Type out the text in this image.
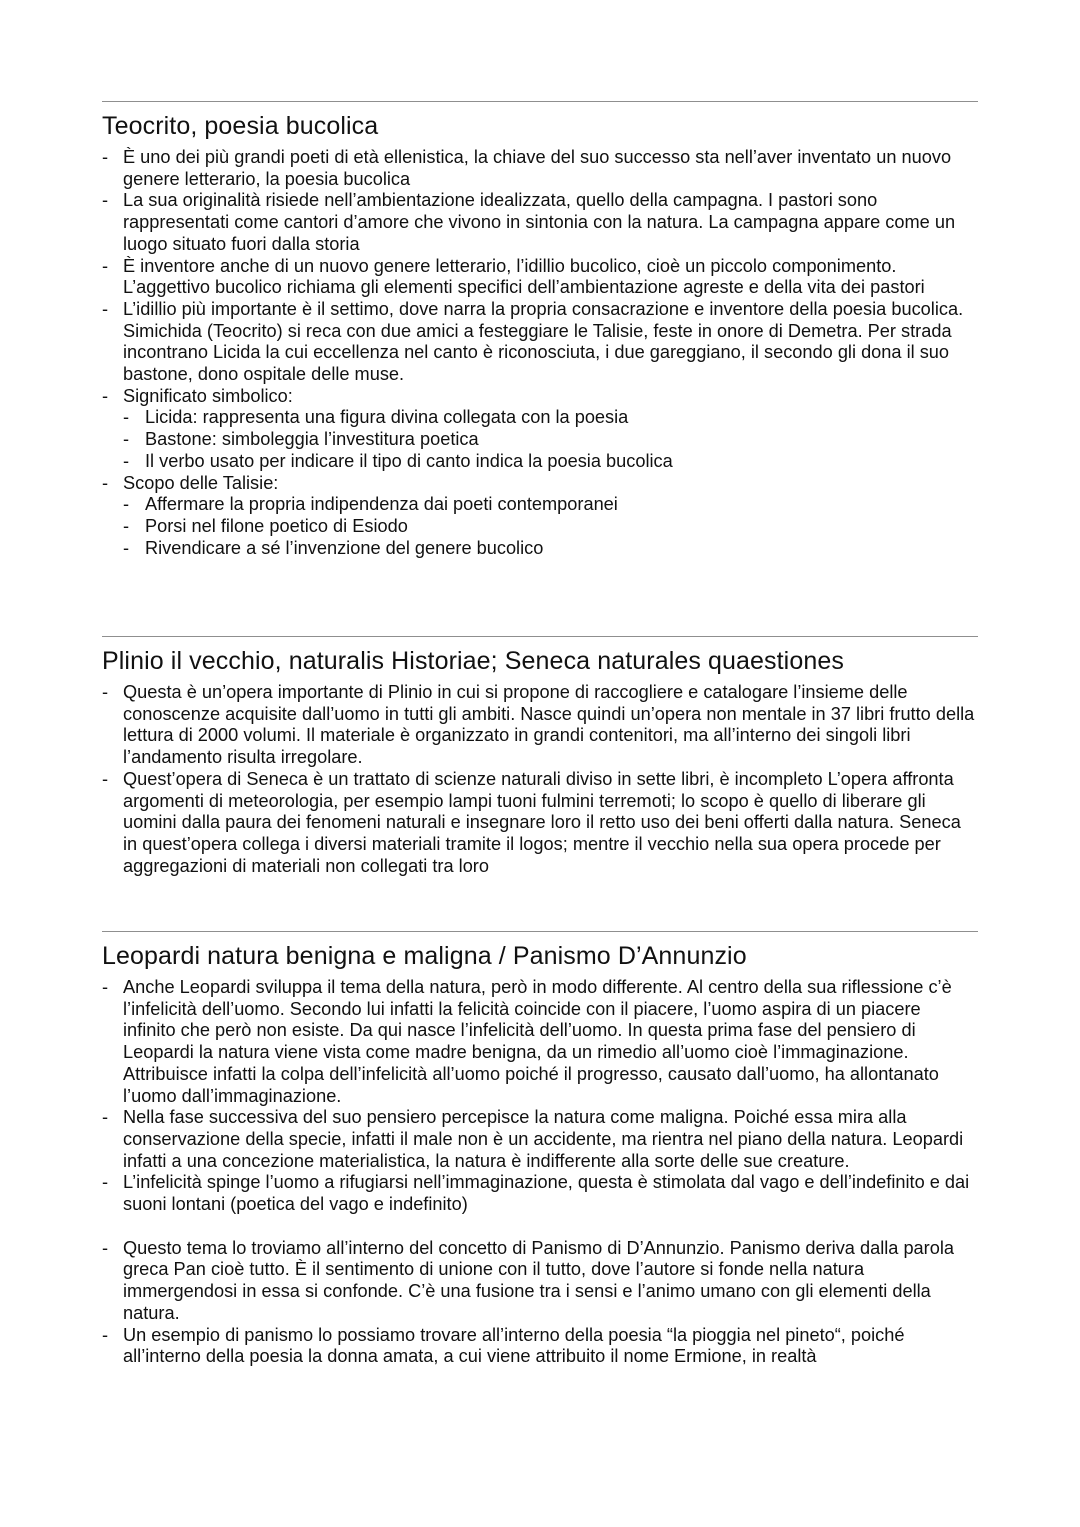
Teocrito, poesia bucolica
- È uno dei più grandi poeti di età ellenistica, la chiave del suo successo sta nell’aver inventato un nuovo genere letterario, la poesia bucolica
- La sua originalità risiede nell’ambientazione idealizzata, quello della campagna. I pastori sono rappresentati come cantori d’amore che vivono in sintonia con la natura. La campagna appare come un luogo situato fuori dalla storia
- È inventore anche di un nuovo genere letterario, l’idillio bucolico, cioè un piccolo componimento. L’aggettivo bucolico richiama gli elementi specifici dell’ambientazione agreste e della vita dei pastori
- L’idillio più importante è il settimo, dove narra la propria consacrazione e inventore della poesia bucolica. Simichida (Teocrito) si reca con due amici a festeggiare le Talisie, feste in onore di Demetra. Per strada incontrano Licida la cui eccellenza nel canto è riconosciuta, i due gareggiano, il secondo gli dona il suo bastone, dono ospitale delle muse.
- Significato simbolico:
- Licida: rappresenta una figura divina collegata con la poesia
- Bastone: simboleggia l’investitura poetica
- Il verbo usato per indicare il tipo di canto indica la poesia bucolica
- Scopo delle Talisie:
- Affermare la propria indipendenza dai poeti contemporanei
- Porsi nel filone poetico di Esiodo
- Rivendicare a sé l’invenzione del genere bucolico
Plinio il vecchio, naturalis Historiae; Seneca naturales quaestiones
- Questa è un’opera importante di Plinio in cui si propone di raccogliere e catalogare l’insieme delle conoscenze acquisite dall’uomo in tutti gli ambiti. Nasce quindi un’opera non mentale in 37 libri frutto della lettura di 2000 volumi. Il materiale è organizzato in grandi contenitori, ma all’interno dei singoli libri l’andamento risulta irregolare.
- Quest’opera di Seneca è un trattato di scienze naturali diviso in sette libri, è incompleto L’opera affronta argomenti di meteorologia, per esempio lampi tuoni fulmini terremoti; lo scopo è quello di liberare gli uomini dalla paura dei fenomeni naturali e insegnare loro il retto uso dei beni offerti dalla natura. Seneca in quest’opera collega i diversi materiali tramite il logos; mentre il vecchio nella sua opera procede per aggregazioni di materiali non collegati tra loro
Leopardi natura benigna e maligna / Panismo D’Annunzio
- Anche Leopardi sviluppa il tema della natura, però in modo differente. Al centro della sua riflessione c’è l’infelicità dell’uomo. Secondo lui infatti la felicità coincide con il piacere, l’uomo aspira di un piacere infinito che però non esiste. Da qui nasce l’infelicità dell’uomo. In questa prima fase del pensiero di Leopardi la natura viene vista come madre benigna, da un rimedio all’uomo cioè l’immaginazione. Attribuisce infatti la colpa dell’infelicità all’uomo poiché il progresso, causato dall’uomo, ha allontanato l’uomo dall’immaginazione.
- Nella fase successiva del suo pensiero percepisce la natura come maligna. Poiché essa mira alla conservazione della specie, infatti il male non è un accidente, ma rientra nel piano della natura. Leopardi infatti a una concezione materialistica, la natura è indifferente alla sorte delle sue creature.
- L’infelicità spinge l’uomo a rifugiarsi nell’immaginazione, questa è stimolata dal vago e dell’indefinito e dai suoni lontani (poetica del vago e indefinito)
- Questo tema lo troviamo all’interno del concetto di Panismo di D’Annunzio. Panismo deriva dalla parola greca Pan cioè tutto. È il sentimento di unione con il tutto, dove l’autore si fonde nella natura immergendosi in essa si confonde. C’è una fusione tra i sensi e l’animo umano con gli elementi della natura.
- Un esempio di panismo lo possiamo trovare all’interno della poesia “la pioggia nel pineto“, poiché all’interno della poesia la donna amata, a cui viene attribuito il nome Ermione, in realtà
